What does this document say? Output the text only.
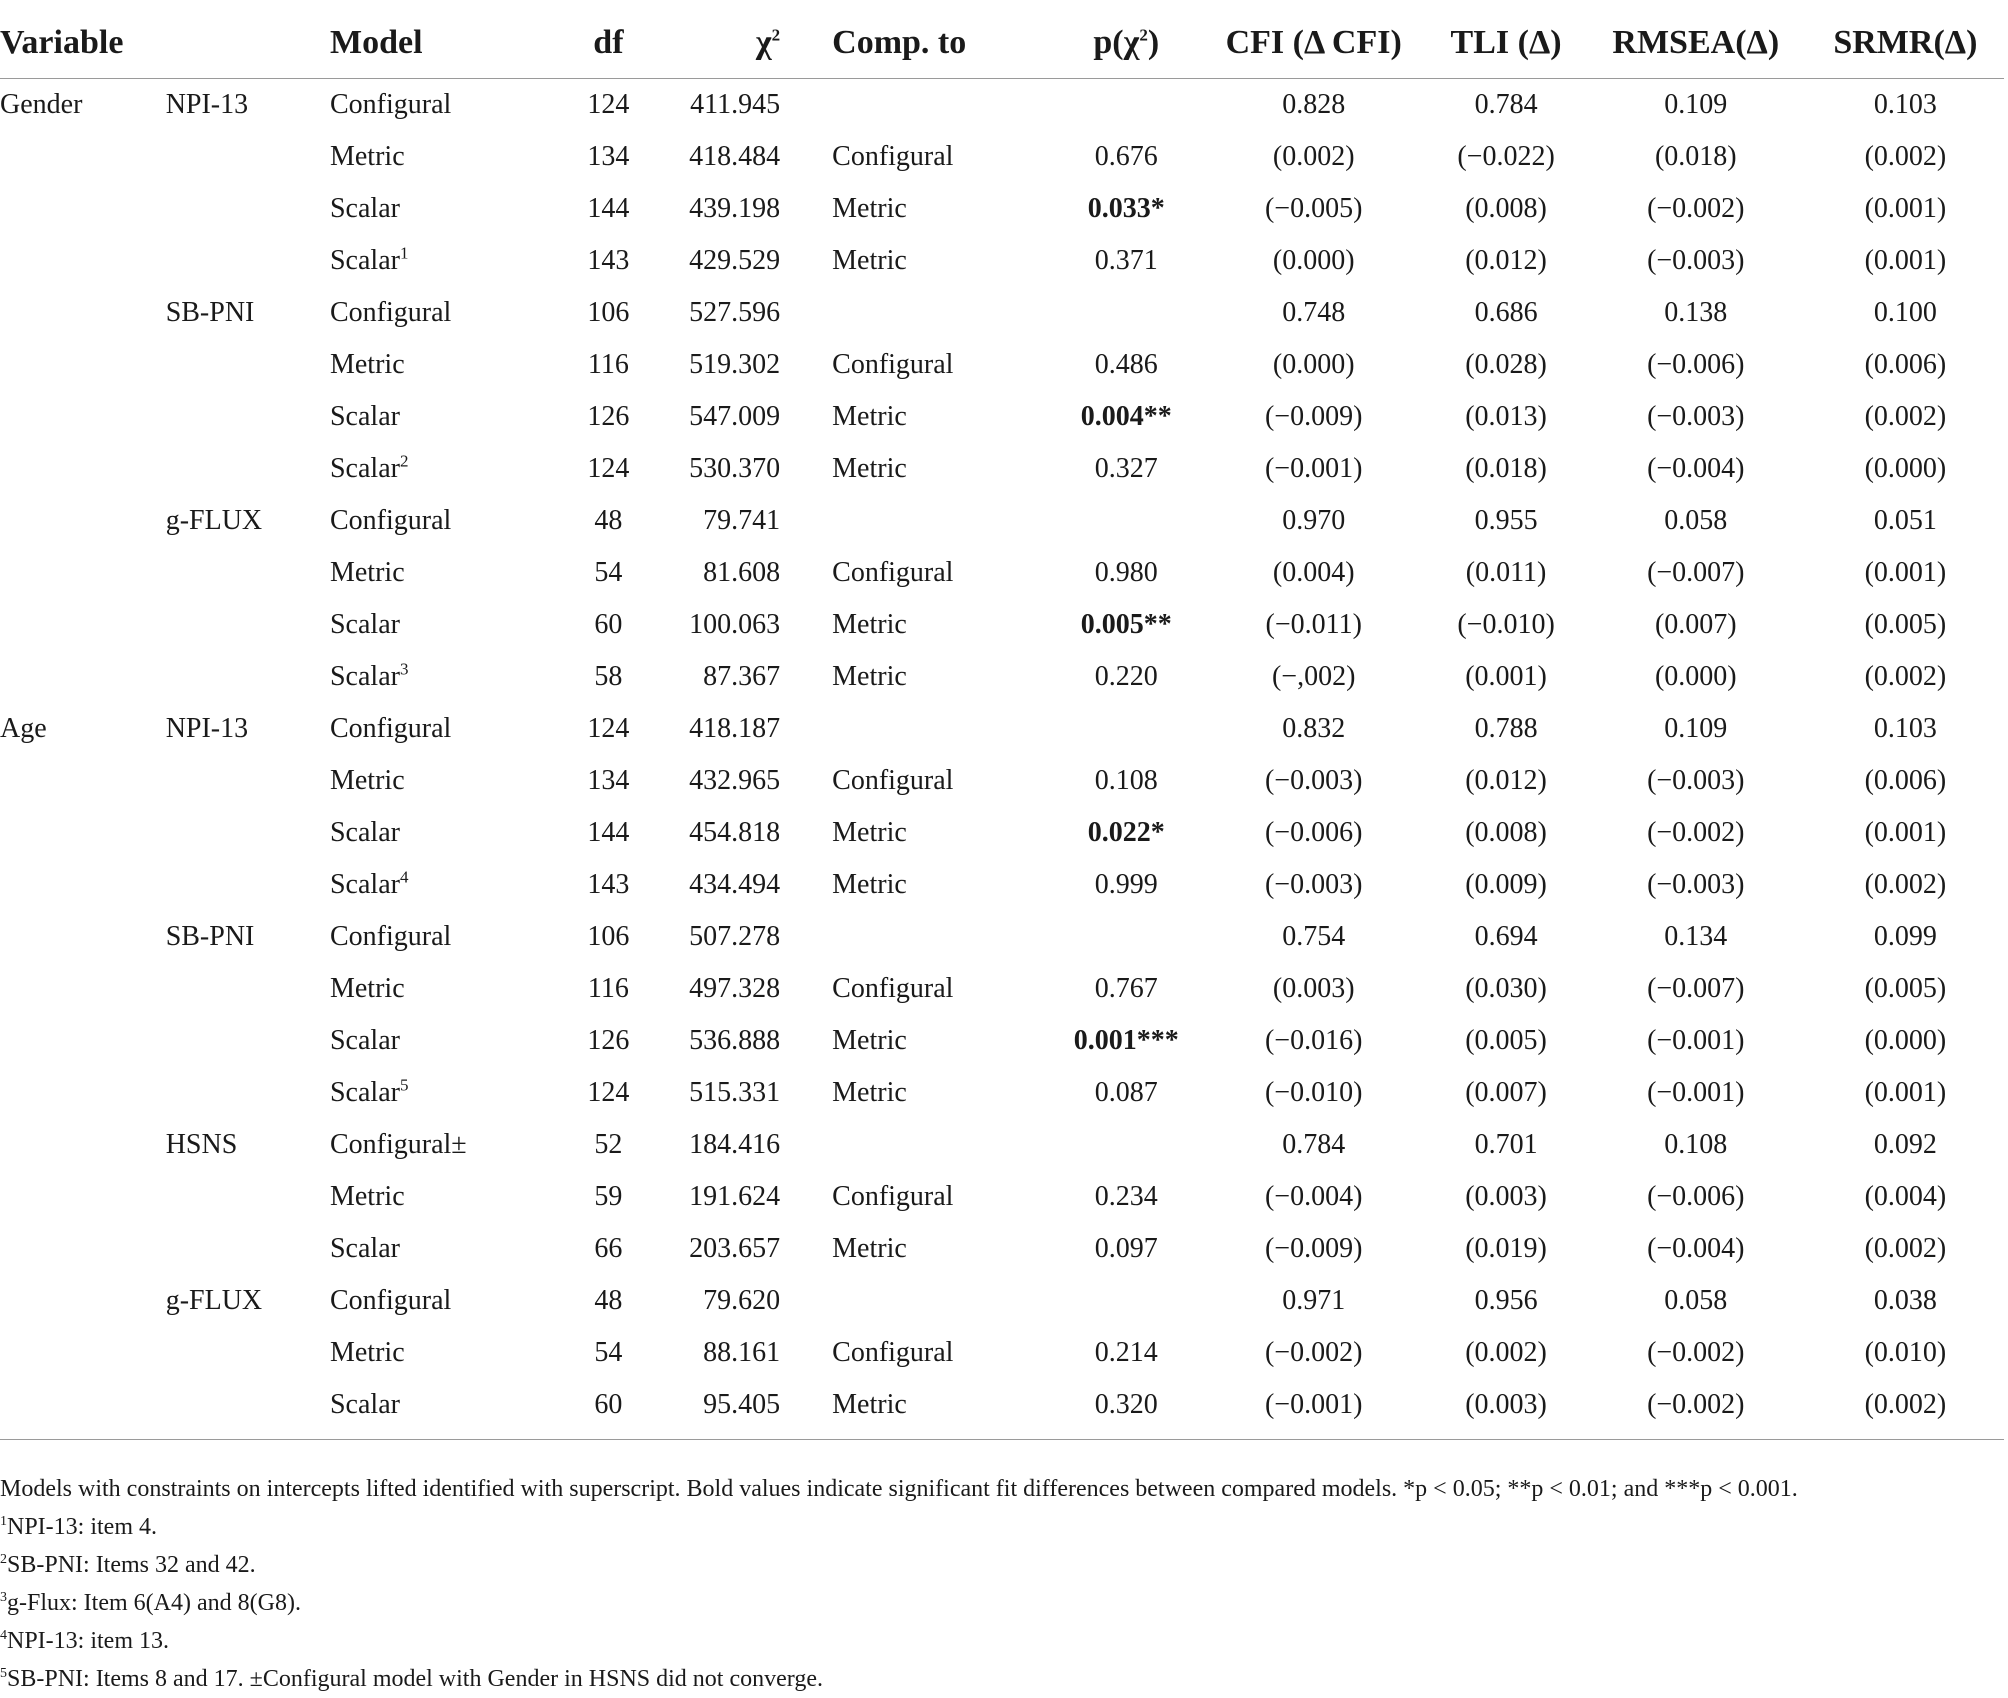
Variable		Model	df	$\chi^2$	Comp. to	$p(\chi^2)$	CFI (Δ CFI)	TLI (Δ)	RMSEA(Δ)	SRMR(Δ)
Gender	NPI-13	Configural	124	411.945			0.828	0.784	0.109	0.103
		Metric	134	418.484	Configural	0.676	(0.002)	(−0.022)	(0.018)	(0.002)
		Scalar	144	439.198	Metric	0.033*	(−0.005)	(0.008)	(−0.002)	(0.001)
		Scalar$^1$	143	429.529	Metric	0.371	(0.000)	(0.012)	(−0.003)	(0.001)
	SB-PNI	Configural	106	527.596			0.748	0.686	0.138	0.100
		Metric	116	519.302	Configural	0.486	(0.000)	(0.028)	(−0.006)	(0.006)
		Scalar	126	547.009	Metric	0.004**	(−0.009)	(0.013)	(−0.003)	(0.002)
		Scalar$^2$	124	530.370	Metric	0.327	(−0.001)	(0.018)	(−0.004)	(0.000)
	g-FLUX	Configural	48	79.741			0.970	0.955	0.058	0.051
		Metric	54	81.608	Configural	0.980	(0.004)	(0.011)	(−0.007)	(0.001)
		Scalar	60	100.063	Metric	0.005**	(−0.011)	(−0.010)	(0.007)	(0.005)
		Scalar$^3$	58	87.367	Metric	0.220	(−,002)	(0.001)	(0.000)	(0.002)
Age	NPI-13	Configural	124	418.187			0.832	0.788	0.109	0.103
		Metric	134	432.965	Configural	0.108	(−0.003)	(0.012)	(−0.003)	(0.006)
		Scalar	144	454.818	Metric	0.022*	(−0.006)	(0.008)	(−0.002)	(0.001)
		Scalar$^4$	143	434.494	Metric	0.999	(−0.003)	(0.009)	(−0.003)	(0.002)
	SB-PNI	Configural	106	507.278			0.754	0.694	0.134	0.099
		Metric	116	497.328	Configural	0.767	(0.003)	(0.030)	(−0.007)	(0.005)
		Scalar	126	536.888	Metric	0.001***	(−0.016)	(0.005)	(−0.001)	(0.000)
		Scalar$^5$	124	515.331	Metric	0.087	(−0.010)	(0.007)	(−0.001)	(0.001)
	HSNS	Configural±	52	184.416			0.784	0.701	0.108	0.092
		Metric	59	191.624	Configural	0.234	(−0.004)	(0.003)	(−0.006)	(0.004)
		Scalar	66	203.657	Metric	0.097	(−0.009)	(0.019)	(−0.004)	(0.002)
	g-FLUX	Configural	48	79.620			0.971	0.956	0.058	0.038
		Metric	54	88.161	Configural	0.214	(−0.002)	(0.002)	(−0.002)	(0.010)
		Scalar	60	95.405	Metric	0.320	(−0.001)	(0.003)	(−0.002)	(0.002)

Models with constraints on intercepts lifted identified with superscript. Bold values indicate significant fit differences between compared models. *p < 0.05; **p < 0.01; and ***p < 0.001.

$^1$NPI-13: item 4.

$^2$SB-PNI: Items 32 and 42.

$^3$g-Flux: Item 6(A4) and 8(G8).

$^4$NPI-13: item 13.

$^5$SB-PNI: Items 8 and 17. ±Configural model with Gender in HSNS did not converge.
